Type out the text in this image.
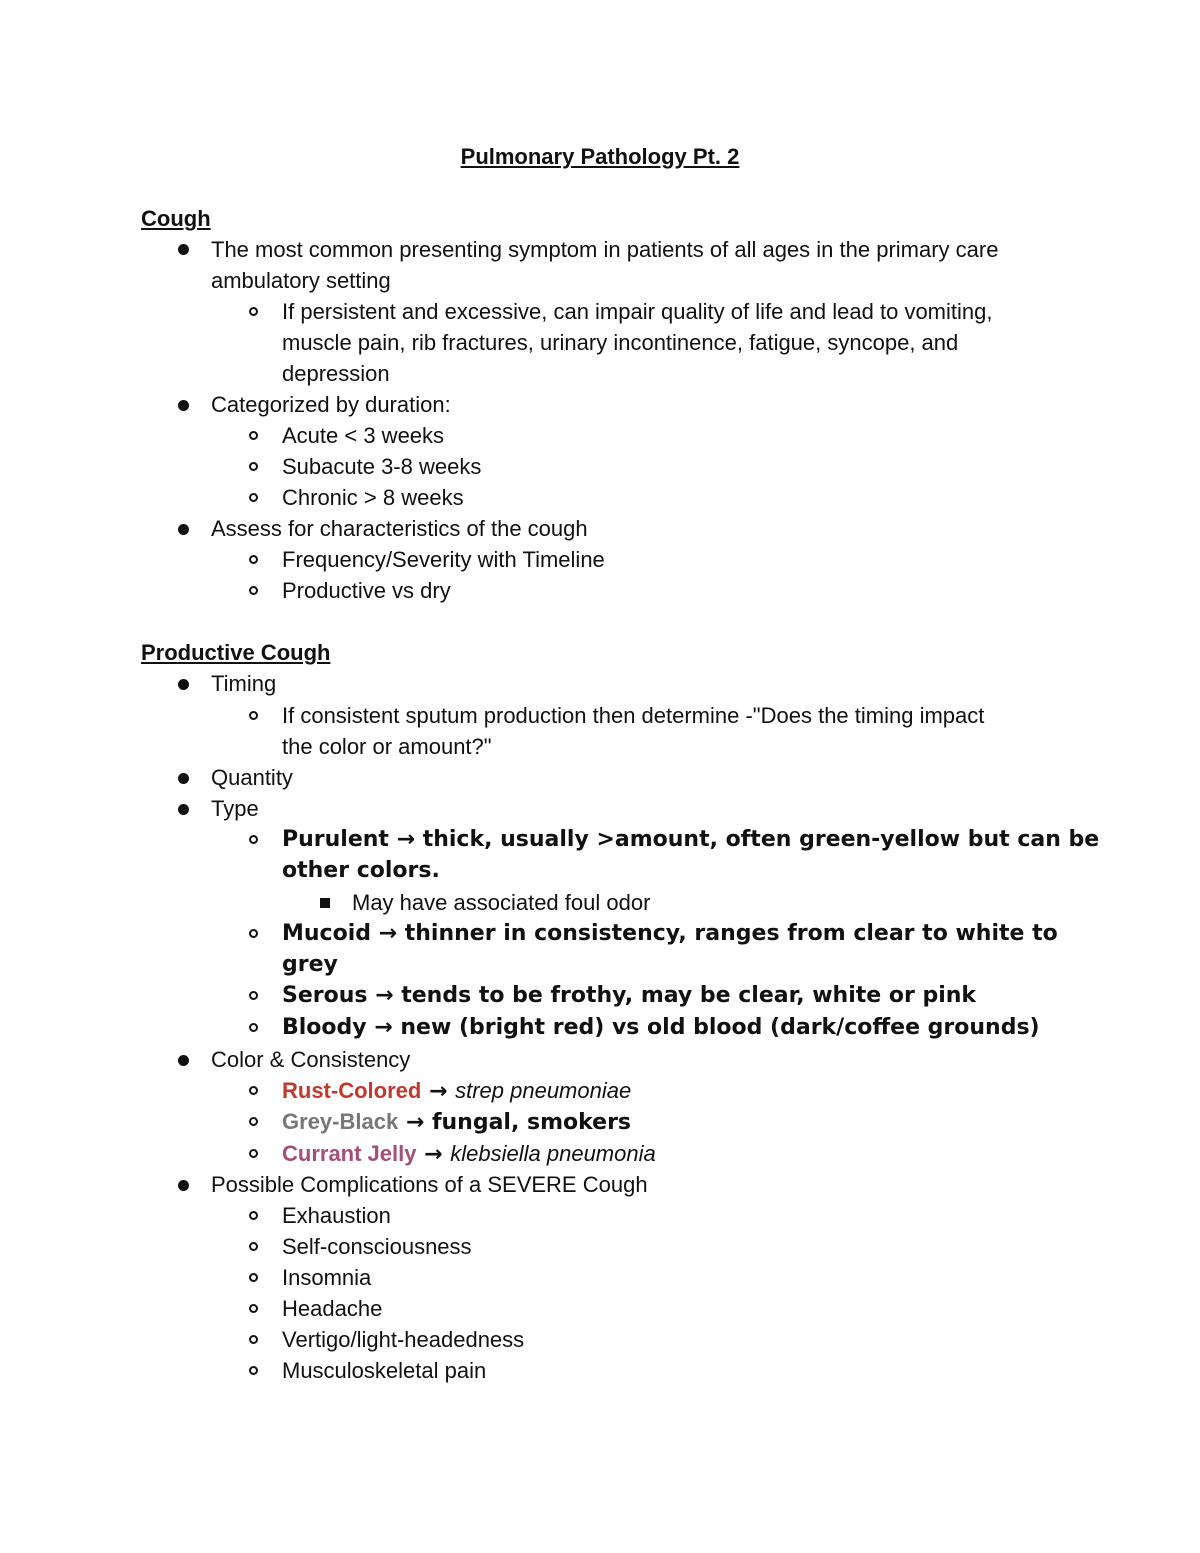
Pulmonary Pathology Pt. 2
Cough
The most common presenting symptom in patients of all ages in the primary care
ambulatory setting
If persistent and excessive, can impair quality of life and lead to vomiting,
muscle pain, rib fractures, urinary incontinence, fatigue, syncope, and
depression
Categorized by duration:
Acute < 3 weeks
Subacute 3-8 weeks
Chronic > 8 weeks
Assess for characteristics of the cough
Frequency/Severity with Timeline
Productive vs dry
Productive Cough
Timing
If consistent sputum production then determine -"Does the timing impact
the color or amount?"
Quantity
Type
Purulent → thick, usually >amount, often green-yellow but can be
other colors.
May have associated foul odor
Mucoid → thinner in consistency, ranges from clear to white to
grey
Serous → tends to be frothy, may be clear, white or pink
Bloody → new (bright red) vs old blood (dark/coffee grounds)
Color & Consistency
Rust-Colored → strep pneumoniae
Grey-Black → fungal, smokers
Currant Jelly → klebsiella pneumonia
Possible Complications of a SEVERE Cough
Exhaustion
Self-consciousness
Insomnia
Headache
Vertigo/light-headedness
Musculoskeletal pain
